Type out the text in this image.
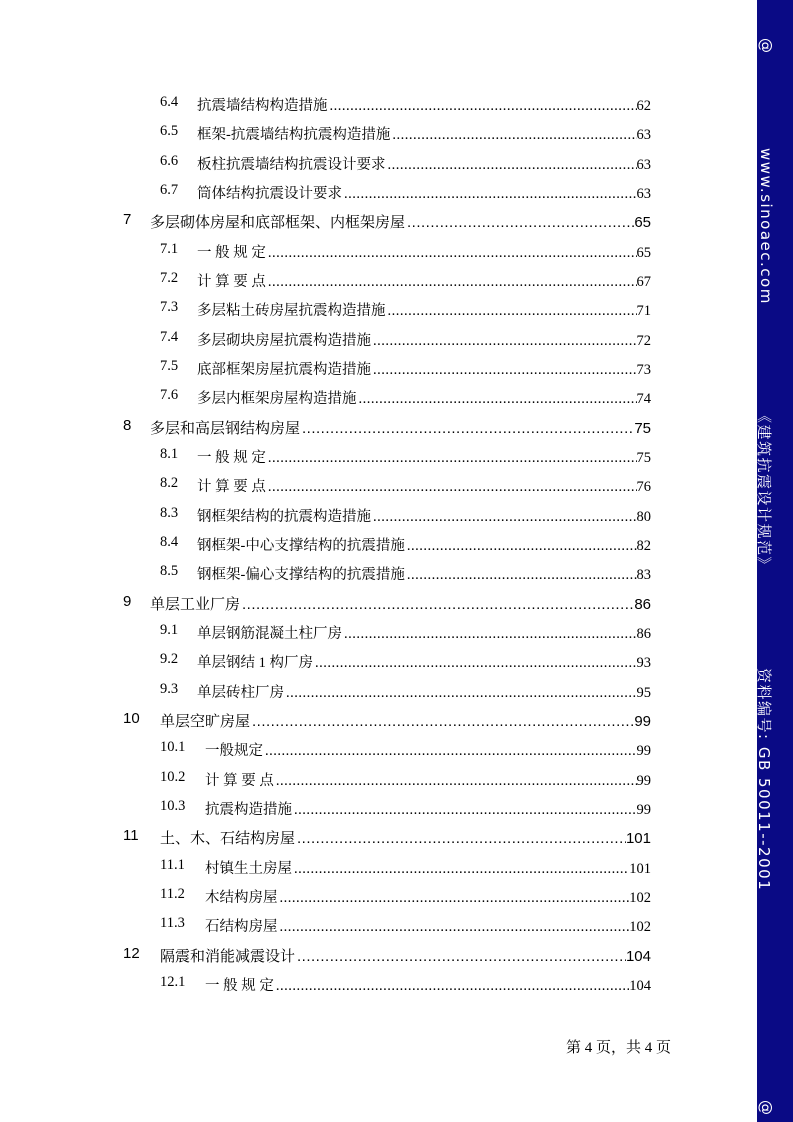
6.4 抗震墙结构构造措施 .....	62
6.5 框架-抗震墙结构抗震构造措施 .....	63
6.6 板柱抗震墙结构抗震设计要求 .....	63
6.7 筒体结构抗震设计要求 .....	63
7 多层砌体房屋和底部框架、内框架房屋 .....	65
7.1 一 般 规 定 .....	65
7.2 计 算 要 点 .....	67
7.3 多层粘土砖房屋抗震构造措施 .....	71
7.4 多层砌块房屋抗震构造措施 .....	72
7.5 底部框架房屋抗震构造措施 .....	73
7.6 多层内框架房屋构造措施 .....	74
8 多层和高层钢结构房屋 .....	75
8.1 一 般 规 定 .....	75
8.2 计 算 要 点 .....	76
8.3 钢框架结构的抗震构造措施 .....	80
8.4 钢框架-中心支撑结构的抗震措施 .....	82
8.5 钢框架-偏心支撑结构的抗震措施 .....	83
9 单层工业厂房 .....	86
9.1 单层钢筋混凝土柱厂房 .....	86
9.2 单层钢结 1 构厂房 .....	93
9.3 单层砖柱厂房 .....	95
10 单层空旷房屋 .....	99
10.1 一般规定 .....	99
10.2 计 算 要 点 .....	99
10.3 抗震构造措施 .....	99
11 土、木、石结构房屋 .....	101
11.1 村镇生土房屋 .....	101
11.2 木结构房屋 .....	102
11.3 石结构房屋 .....	102
12 隔震和消能减震设计 .....	104
12.1 一 般 规 定 .....	104
第 4 页，共 4 页
@
www.sinoaec.com
《建筑抗震设计规范》
资料编号: GB 50011--2001
@
